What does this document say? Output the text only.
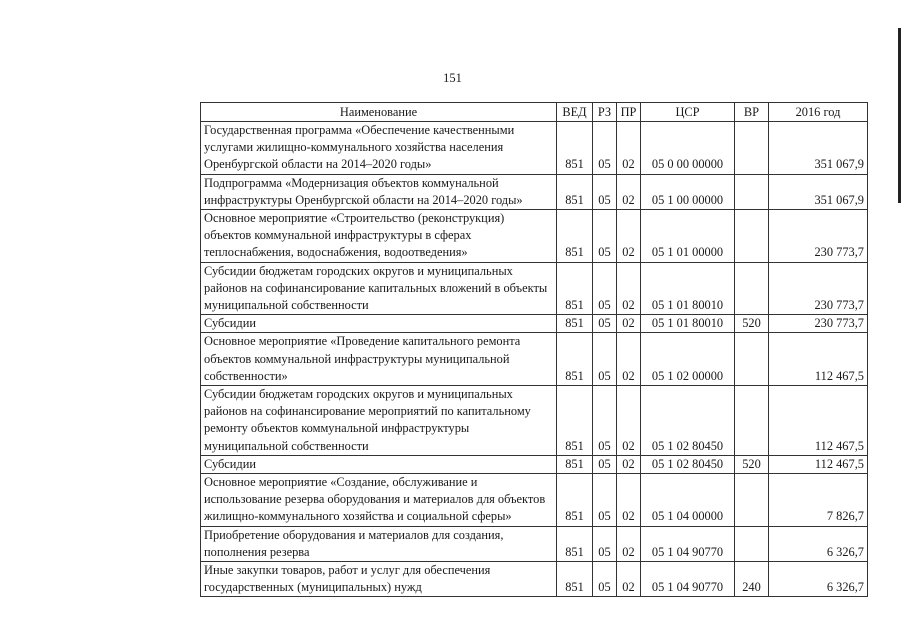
151
Наименование	ВЕД	РЗ	ПР	ЦСР	ВР	2016 год
Государственная программа «Обеспечение качественными услугами жилищно-коммунального хозяйства населения Оренбургской области на 2014–2020 годы»	851	05	02	05 0 00 00000		351 067,9
Подпрограмма «Модернизация объектов коммунальной инфраструктуры Оренбургской области на 2014–2020 годы»	851	05	02	05 1 00 00000		351 067,9
Основное мероприятие «Строительство (реконструкция) объектов коммунальной инфраструктуры в сферах теплоснабжения, водоснабжения, водоотведения»	851	05	02	05 1 01 00000		230 773,7
Субсидии бюджетам городских округов и муниципальных районов на софинансирование капитальных вложений в объекты муниципальной собственности	851	05	02	05 1 01 80010		230 773,7
Субсидии	851	05	02	05 1 01 80010	520	230 773,7
Основное мероприятие «Проведение капитального ремонта объектов коммунальной инфраструктуры муниципальной собственности»	851	05	02	05 1 02 00000		112 467,5
Субсидии бюджетам городских округов и муниципальных районов на софинансирование мероприятий по капитальному ремонту объектов коммунальной инфраструктуры муниципальной собственности	851	05	02	05 1 02 80450		112 467,5
Субсидии	851	05	02	05 1 02 80450	520	112 467,5
Основное мероприятие «Создание, обслуживание и использование резерва оборудования и материалов для объектов жилищно-коммунального хозяйства и социальной сферы»	851	05	02	05 1 04 00000		7 826,7
Приобретение оборудования и материалов для создания, пополнения резерва	851	05	02	05 1 04 90770		6 326,7
Иные закупки товаров, работ и услуг для обеспечения государственных (муниципальных) нужд	851	05	02	05 1 04 90770	240	6 326,7
